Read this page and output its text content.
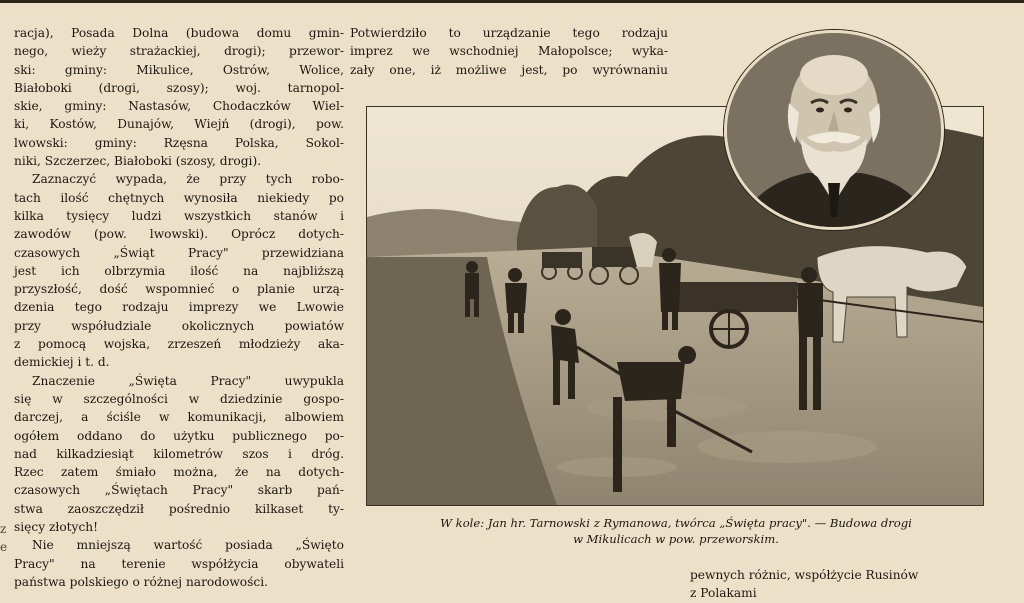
z
e

racja), Posada Dolna (budowa domu gmin-
nego, wieży strażackiej, drogi); przewor-
ski: gminy: Mikulice, Ostrów, Wolice,
Białoboki (drogi, szosy); woj. tarnopol-
skie, gminy: Nastasów, Chodaczków Wiel-
ki, Kostów, Dunajów, Wiejń (drogi), pow.
lwowski: gminy: Rzęsna Polska, Sokol-
niki, Szczerzec, Białoboki (szosy, drogi).

Zaznaczyć wypada, że przy tych robo-
tach ilość chętnych wynosiła niekiedy po
kilka tysięcy ludzi wszystkich stanów i
zawodów (pow. lwowski). Oprócz dotych-
czasowych „Świąt Pracy" przewidziana
jest ich olbrzymia ilość na najbliższą
przyszłość, dość wspomnieć o planie urzą-
dzenia tego rodzaju imprezy we Lwowie
przy współudziale okolicznych powiatów
z pomocą wojska, zrzeszeń młodzieży aka-
demickiej i t. d.

Znaczenie „Święta Pracy" uwypukla
się w szczególności w dziedzinie gospo-
darczej, a ściśle w komunikacji, albowiem
ogółem oddano do użytku publicznego po-
nad kilkadziesiąt kilometrów szos i dróg.
Rzec zatem śmiało można, że na dotych-
czasowych „Świętach Pracy" skarb pań-
stwa zaoszczędził pośrednio kilkaset ty-
sięcy złotych!

Nie mniejszą wartość posiada „Święto
Pracy" na terenie współżycia obywateli
państwa polskiego o różnej narodowości.

Potwierdziło to urządzanie tego rodzaju
imprez we wschodniej Małopolsce; wyka-
zały one, iż możliwe jest, po wyrównaniu
W kole: Jan hr. Tarnowski z Rymanowa, twórca „Święta pracy". — Budowa drogi
w Mikulicach w pow. przeworskim.
pewnych różnic, współżycie Rusinów
z Polakami
